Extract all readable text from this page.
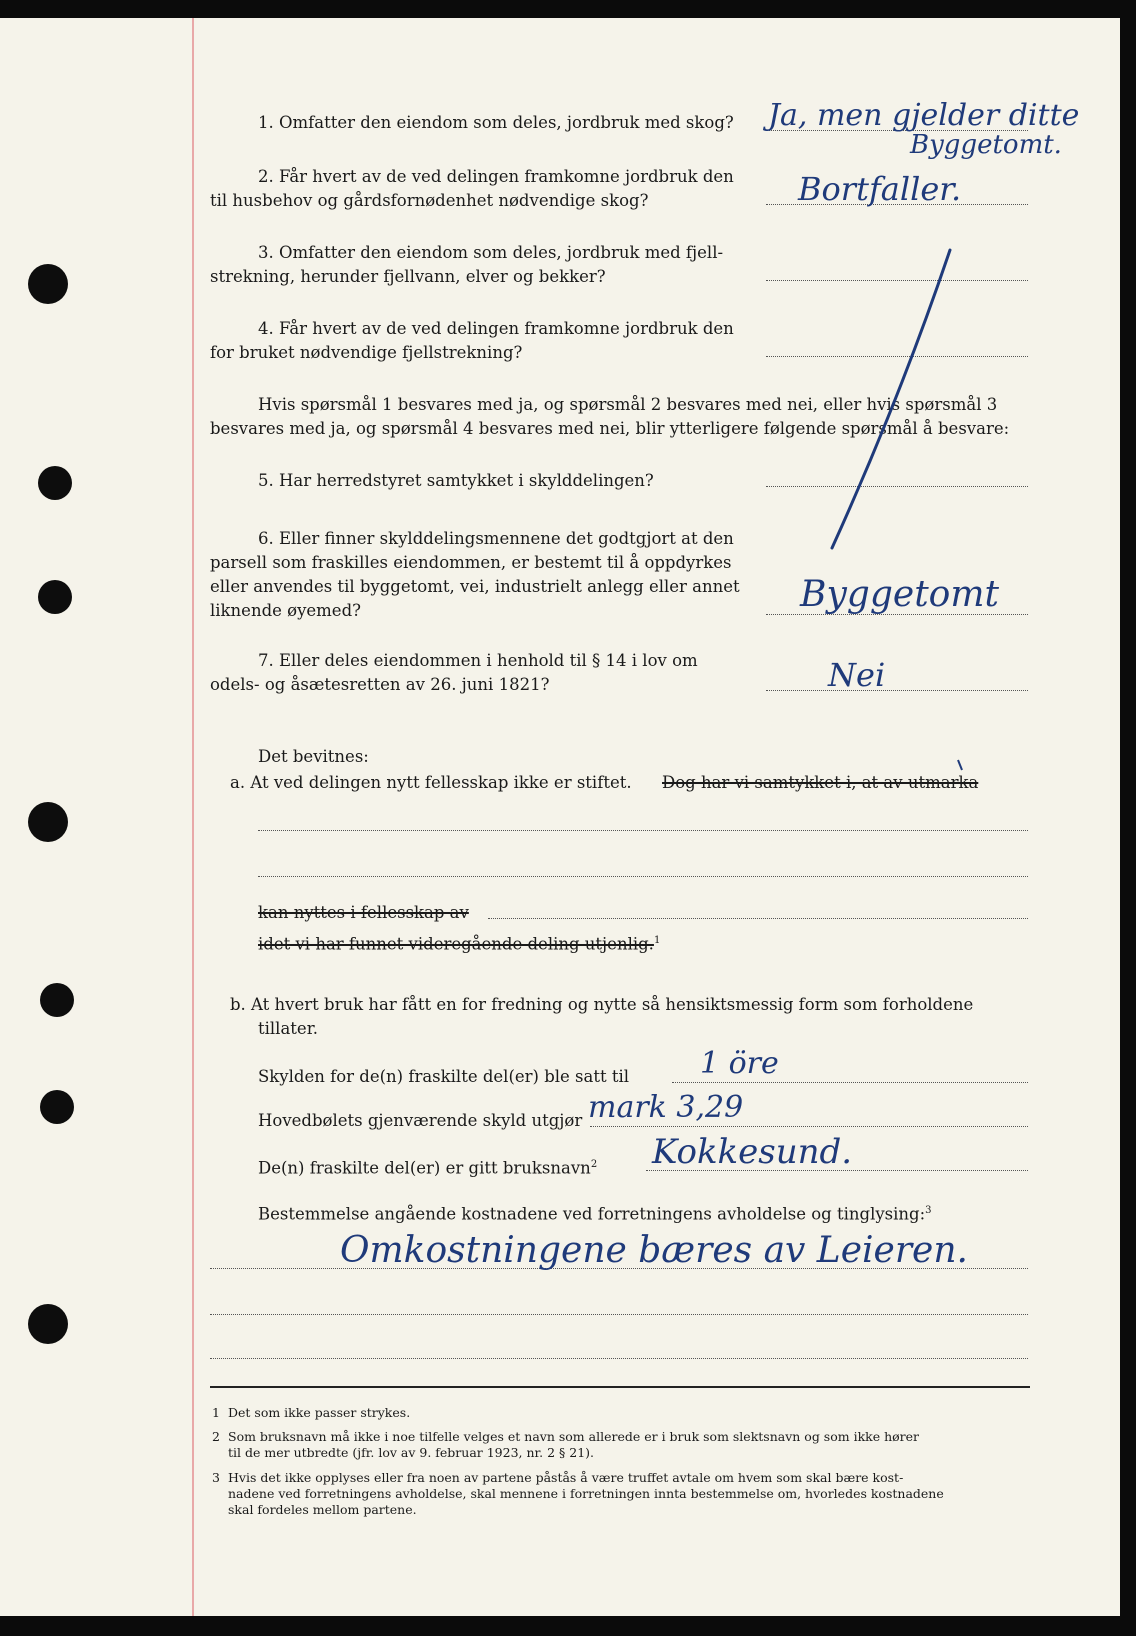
1. Omfatter den eiendom som deles, jordbruk med skog? Ja, men gjelder ditte
Byggetomt.
2. Får hvert av de ved delingen framkomne jordbruk den
til husbehov og gårdsfornødenhet nødvendige skog?	Bortfaller.
3. Omfatter den eiendom som deles, jordbruk med fjell-
strekning, herunder fjellvann, elver og bekker?
4. Får hvert av de ved delingen framkomne jordbruk den
for bruket nødvendige fjellstrekning?
Hvis spørsmål 1 besvares med ja, og spørsmål 2 besvares med nei, eller hvis spørsmål 3
besvares med ja, og spørsmål 4 besvares med nei, blir ytterligere følgende spørsmål å besvare:
5. Har herredstyret samtykket i skylddelingen?
6. Eller finner skylddelingsmennene det godtgjort at den
parsell som fraskilles eiendommen, er bestemt til å oppdyrkes
eller anvendes til byggetomt, vei, industrielt anlegg eller annet
liknende øyemed?	Byggetomt
7. Eller deles eiendommen i henhold til § 14 i lov om
odels- og åsætesretten av 26. juni 1821?	Nei
Det bevitnes:
a. At ved delingen nytt fellesskap ikke er stiftet. Dog har vi samtykket i, at av utmarka
kan nyttes i fellesskap av
idet vi har funnet videregående deling utjenlig.$^1$
b. At hvert bruk har fått en for fredning og nytte så hensiktsmessig form som forholdene
tillater.
Skylden for de(n) fraskilte del(er) ble satt til 1 öre
Hovedbølets gjenværende skyld utgjør mark 3,29
De(n) fraskilte del(er) er gitt bruksnavn$^2$ Kokkesund.
Bestemmelse angående kostnadene ved forretningens avholdelse og tinglysing:$^3$
Omkostningene bæres av Leieren.
1 Det som ikke passer strykes.
2 Som bruksnavn må ikke i noe tilfelle velges et navn som allerede er i bruk som slektsnavn og som ikke hører
til de mer utbredte (jfr. lov av 9. februar 1923, nr. 2 § 21).
3 Hvis det ikke opplyses eller fra noen av partene påstås å være truffet avtale om hvem som skal bære kost-
nadene ved forretningens avholdelse, skal mennene i forretningen innta bestemmelse om, hvorledes kostnadene
skal fordeles mellom partene.
